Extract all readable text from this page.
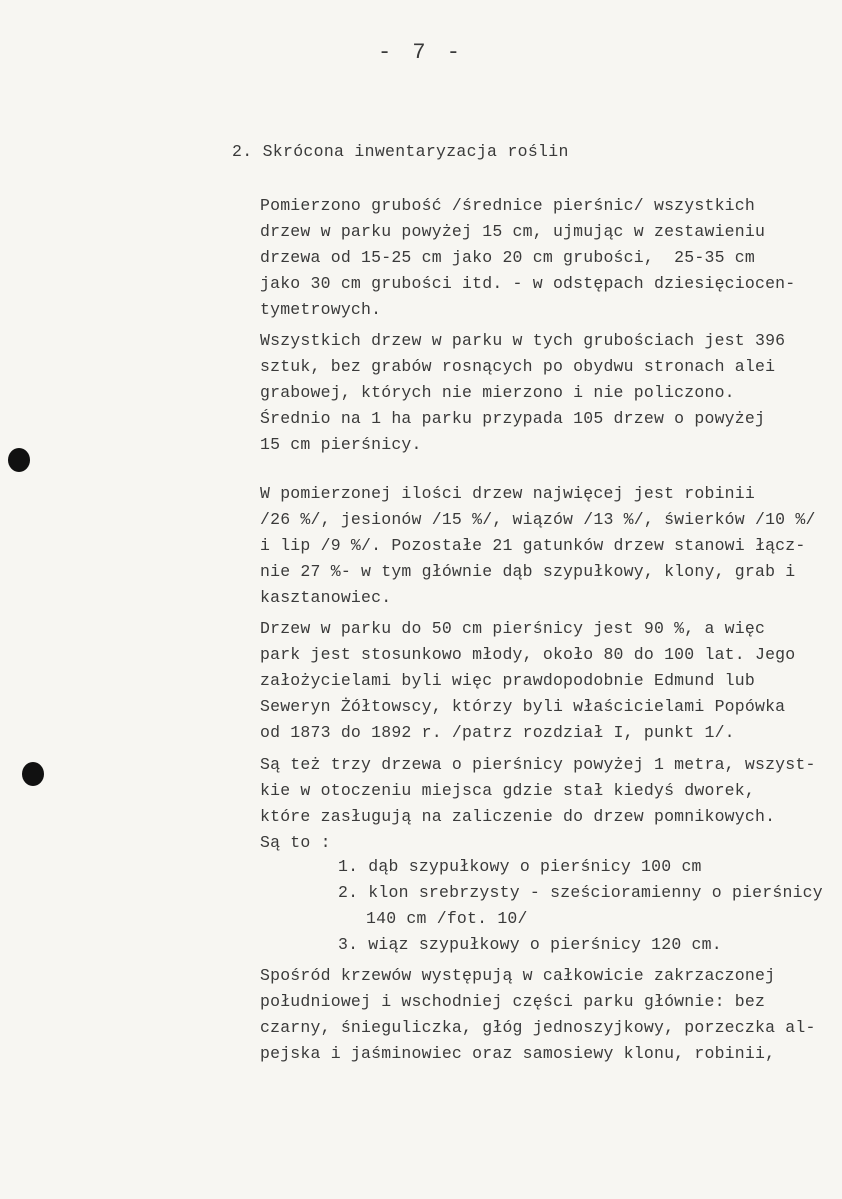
- 7 -
2. Skrócona inwentaryzacja roślin
Pomierzono grubość /średnice pierśnic/ wszystkich
drzew w parku powyżej 15 cm, ujmując w zestawieniu
drzewa od 15-25 cm jako 20 cm grubości,  25-35 cm
jako 30 cm grubości itd. - w odstępach dziesięciocen-
tymetrowych.
Wszystkich drzew w parku w tych grubościach jest 396
sztuk, bez grabów rosnących po obydwu stronach alei
grabowej, których nie mierzono i nie policzono.
Średnio na 1 ha parku przypada 105 drzew o powyżej
15 cm pierśnicy.
W pomierzonej ilości drzew najwięcej jest robinii
/26 %/, jesionów /15 %/, wiązów /13 %/, świerków /10 %/
i lip /9 %/. Pozostałe 21 gatunków drzew stanowi łącz-
nie 27 %- w tym głównie dąb szypułkowy, klony, grab i
kasztanowiec.
Drzew w parku do 50 cm pierśnicy jest 90 %, a więc
park jest stosunkowo młody, około 80 do 100 lat. Jego
założycielami byli więc prawdopodobnie Edmund lub
Seweryn Żółtowscy, którzy byli właścicielami Popówka
od 1873 do 1892 r. /patrz rozdział I, punkt 1/.
Są też trzy drzewa o pierśnicy powyżej 1 metra, wszyst-
kie w otoczeniu miejsca gdzie stał kiedyś dworek,
które zasługują na zaliczenie do drzew pomnikowych.
Są to :
1. dąb szypułkowy o pierśnicy 100 cm
2. klon srebrzysty - sześcioramienny o pierśnicy
140 cm /fot. 10/
3. wiąz szypułkowy o pierśnicy 120 cm.
Spośród krzewów występują w całkowicie zakrzaczonej
południowej i wschodniej części parku głównie: bez
czarny, śnieguliczka, głóg jednoszyjkowy, porzeczka al-
pejska i jaśminowiec oraz samosiewy klonu, robinii,
